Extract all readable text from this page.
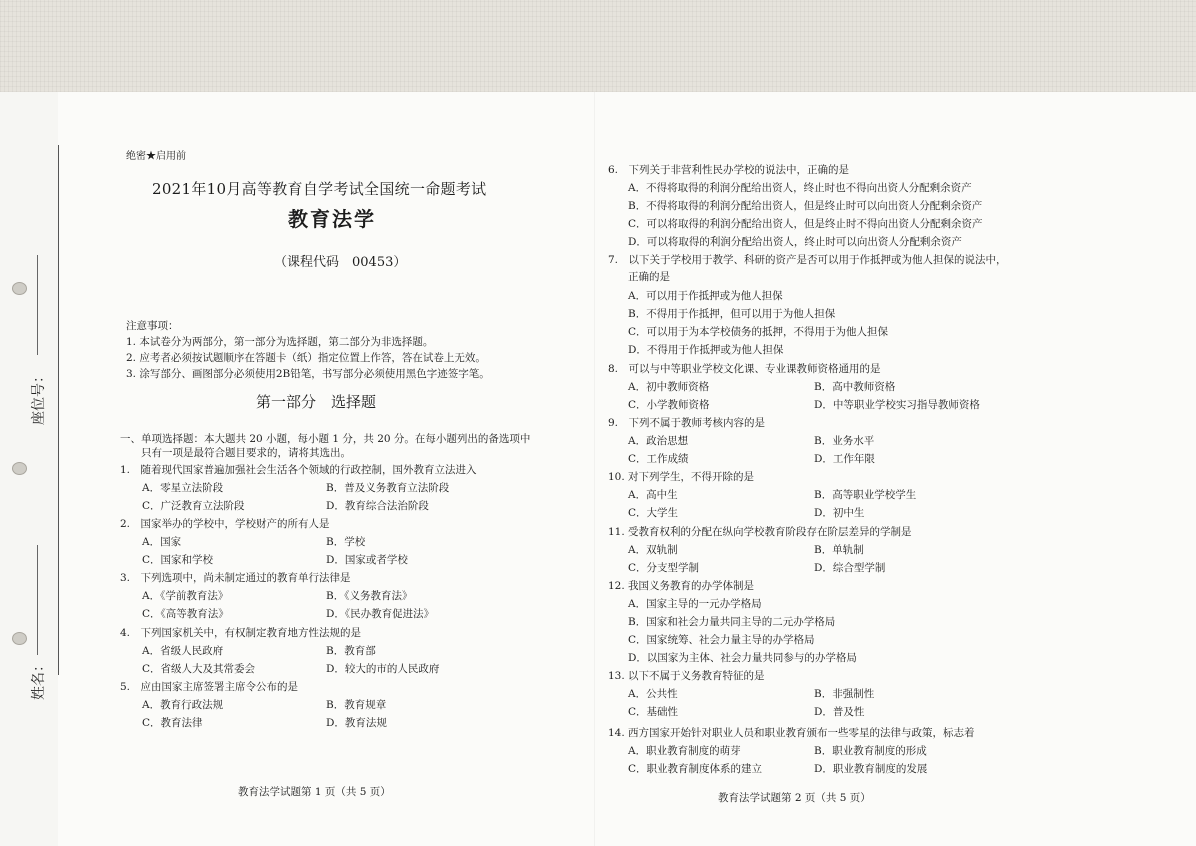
座位号：
姓名：
绝密★启用前
2021年10月高等教育自学考试全国统一命题考试
教育法学
（课程代码　00453）
注意事项：
1. 本试卷分为两部分，第一部分为选择题，第二部分为非选择题。
2. 应考者必须按试题顺序在答题卡（纸）指定位置上作答，答在试卷上无效。
3. 涂写部分、画图部分必须使用2B铅笔，书写部分必须使用黑色字迹签字笔。
第一部分　选择题
一、单项选择题：本大题共 20 小题，每小题 1 分，共 20 分。在每小题列出的备选项中
　　只有一项是最符合题目要求的，请将其选出。
1.　随着现代国家普遍加强社会生活各个领域的行政控制，国外教育立法进入
A．零星立法阶段	B．普及义务教育立法阶段
C．广泛教育立法阶段	D．教育综合法治阶段
2.　国家举办的学校中，学校财产的所有人是
A．国家	B．学校
C．国家和学校	D．国家或者学校
3.　下列选项中，尚未制定通过的教育单行法律是
A．《学前教育法》	B．《义务教育法》
C．《高等教育法》	D．《民办教育促进法》
4.　下列国家机关中，有权制定教育地方性法规的是
A．省级人民政府	B．教育部
C．省级人大及其常委会	D．较大的市的人民政府
5.　应由国家主席签署主席令公布的是
A．教育行政法规	B．教育规章
C．教育法律	D．教育法规
教育法学试题第 1 页（共 5 页）
6.　下列关于非营利性民办学校的说法中，正确的是
A．不得将取得的利润分配给出资人，终止时也不得向出资人分配剩余资产
B．不得将取得的利润分配给出资人，但是终止时可以向出资人分配剩余资产
C．可以将取得的利润分配给出资人，但是终止时不得向出资人分配剩余资产
D．可以将取得的利润分配给出资人，终止时可以向出资人分配剩余资产
7.　以下关于学校用于教学、科研的资产是否可以用于作抵押或为他人担保的说法中，
正确的是
A．可以用于作抵押或为他人担保
B．不得用于作抵押，但可以用于为他人担保
C．可以用于为本学校债务的抵押，不得用于为他人担保
D．不得用于作抵押或为他人担保
8.　可以与中等职业学校文化课、专业课教师资格通用的是
A．初中教师资格	B．高中教师资格
C．小学教师资格	D．中等职业学校实习指导教师资格
9.　下列不属于教师考核内容的是
A．政治思想	B．业务水平
C．工作成绩	D．工作年限
10. 对下列学生，不得开除的是
A．高中生	B．高等职业学校学生
C．大学生	D．初中生
11. 受教育权利的分配在纵向学校教育阶段存在阶层差异的学制是
A．双轨制	B．单轨制
C．分支型学制	D．综合型学制
12. 我国义务教育的办学体制是
A．国家主导的一元办学格局
B．国家和社会力量共同主导的二元办学格局
C．国家统筹、社会力量主导的办学格局
D．以国家为主体、社会力量共同参与的办学格局
13. 以下不属于义务教育特征的是
A．公共性	B．非强制性
C．基础性	D．普及性
14. 西方国家开始针对职业人员和职业教育颁布一些零星的法律与政策，标志着
A．职业教育制度的萌芽	B．职业教育制度的形成
C．职业教育制度体系的建立	D．职业教育制度的发展
教育法学试题第 2 页（共 5 页）
